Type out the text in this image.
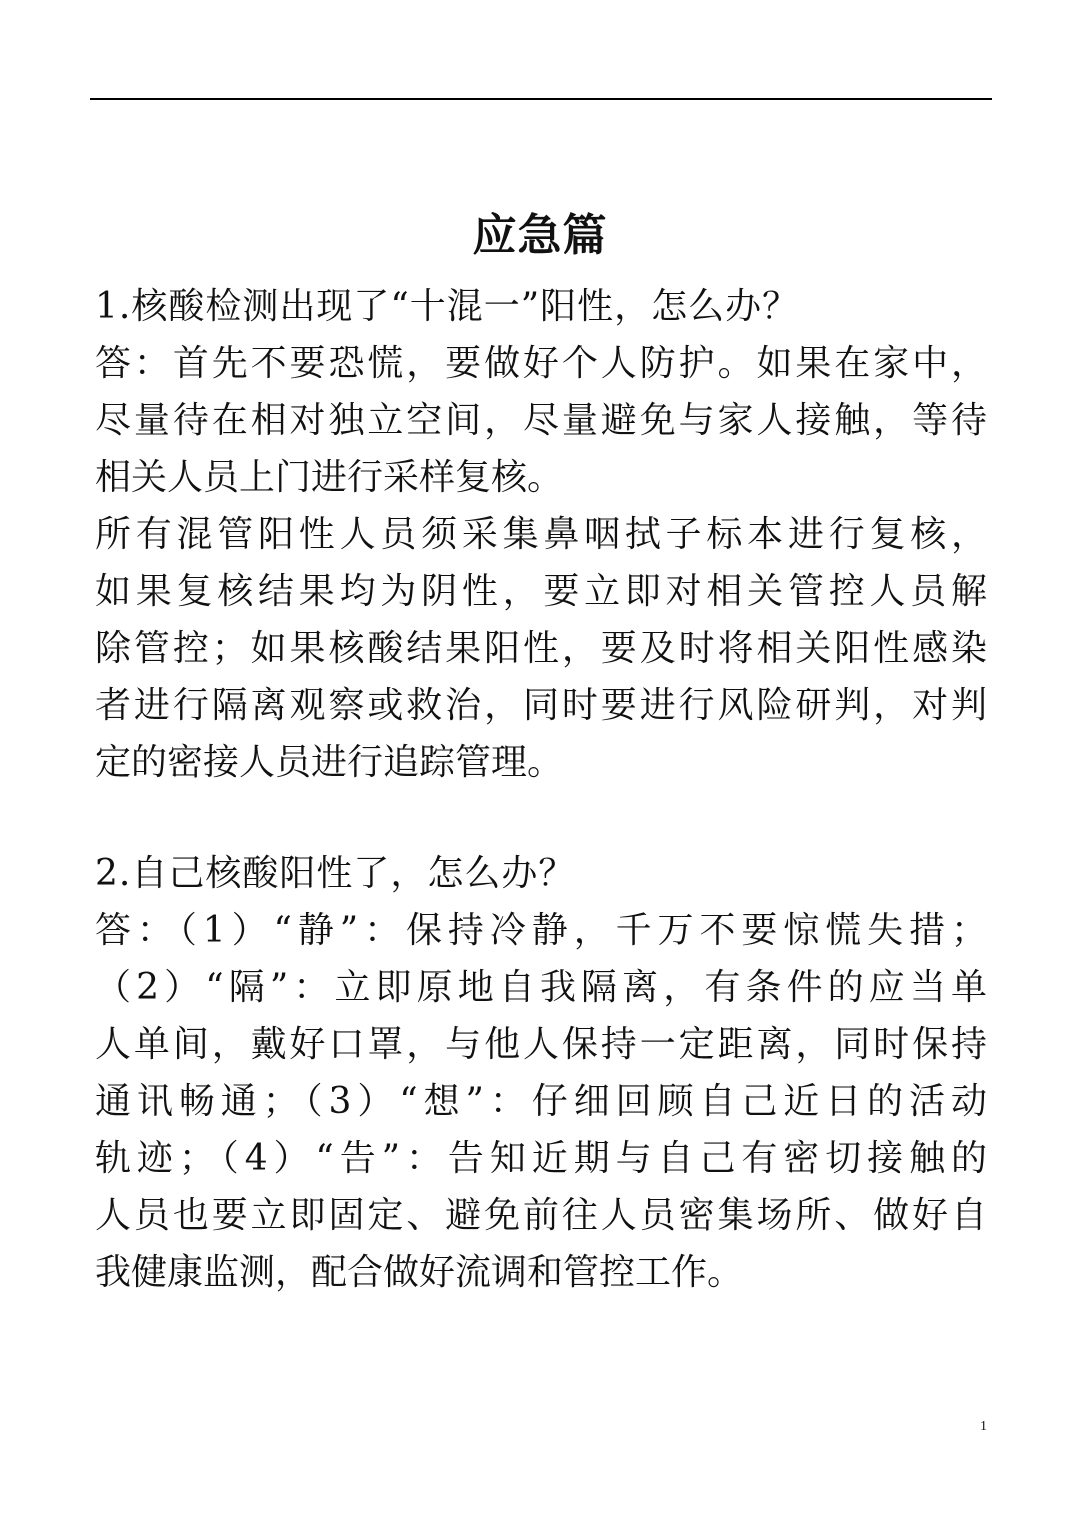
应急篇
1.核酸检测出现了“十混一”阳性，怎么办？
答：首先不要恐慌，要做好个人防护。如果在家中，
尽量待在相对独立空间，尽量避免与家人接触，等待
相关人员上门进行采样复核。
所有混管阳性人员须采集鼻咽拭子标本进行复核，
如果复核结果均为阴性，要立即对相关管控人员解
除管控；如果核酸结果阳性，要及时将相关阳性感染
者进行隔离观察或救治，同时要进行风险研判，对判
定的密接人员进行追踪管理。
2.自己核酸阳性了，怎么办？
答：（1）“静”：保持冷静，千万不要惊慌失措；
（2）“隔”：立即原地自我隔离，有条件的应当单
人单间，戴好口罩，与他人保持一定距离，同时保持
通讯畅通；（3）“想”：仔细回顾自己近日的活动
轨迹；（4）“告”：告知近期与自己有密切接触的
人员也要立即固定、避免前往人员密集场所、做好自
我健康监测，配合做好流调和管控工作。
1
